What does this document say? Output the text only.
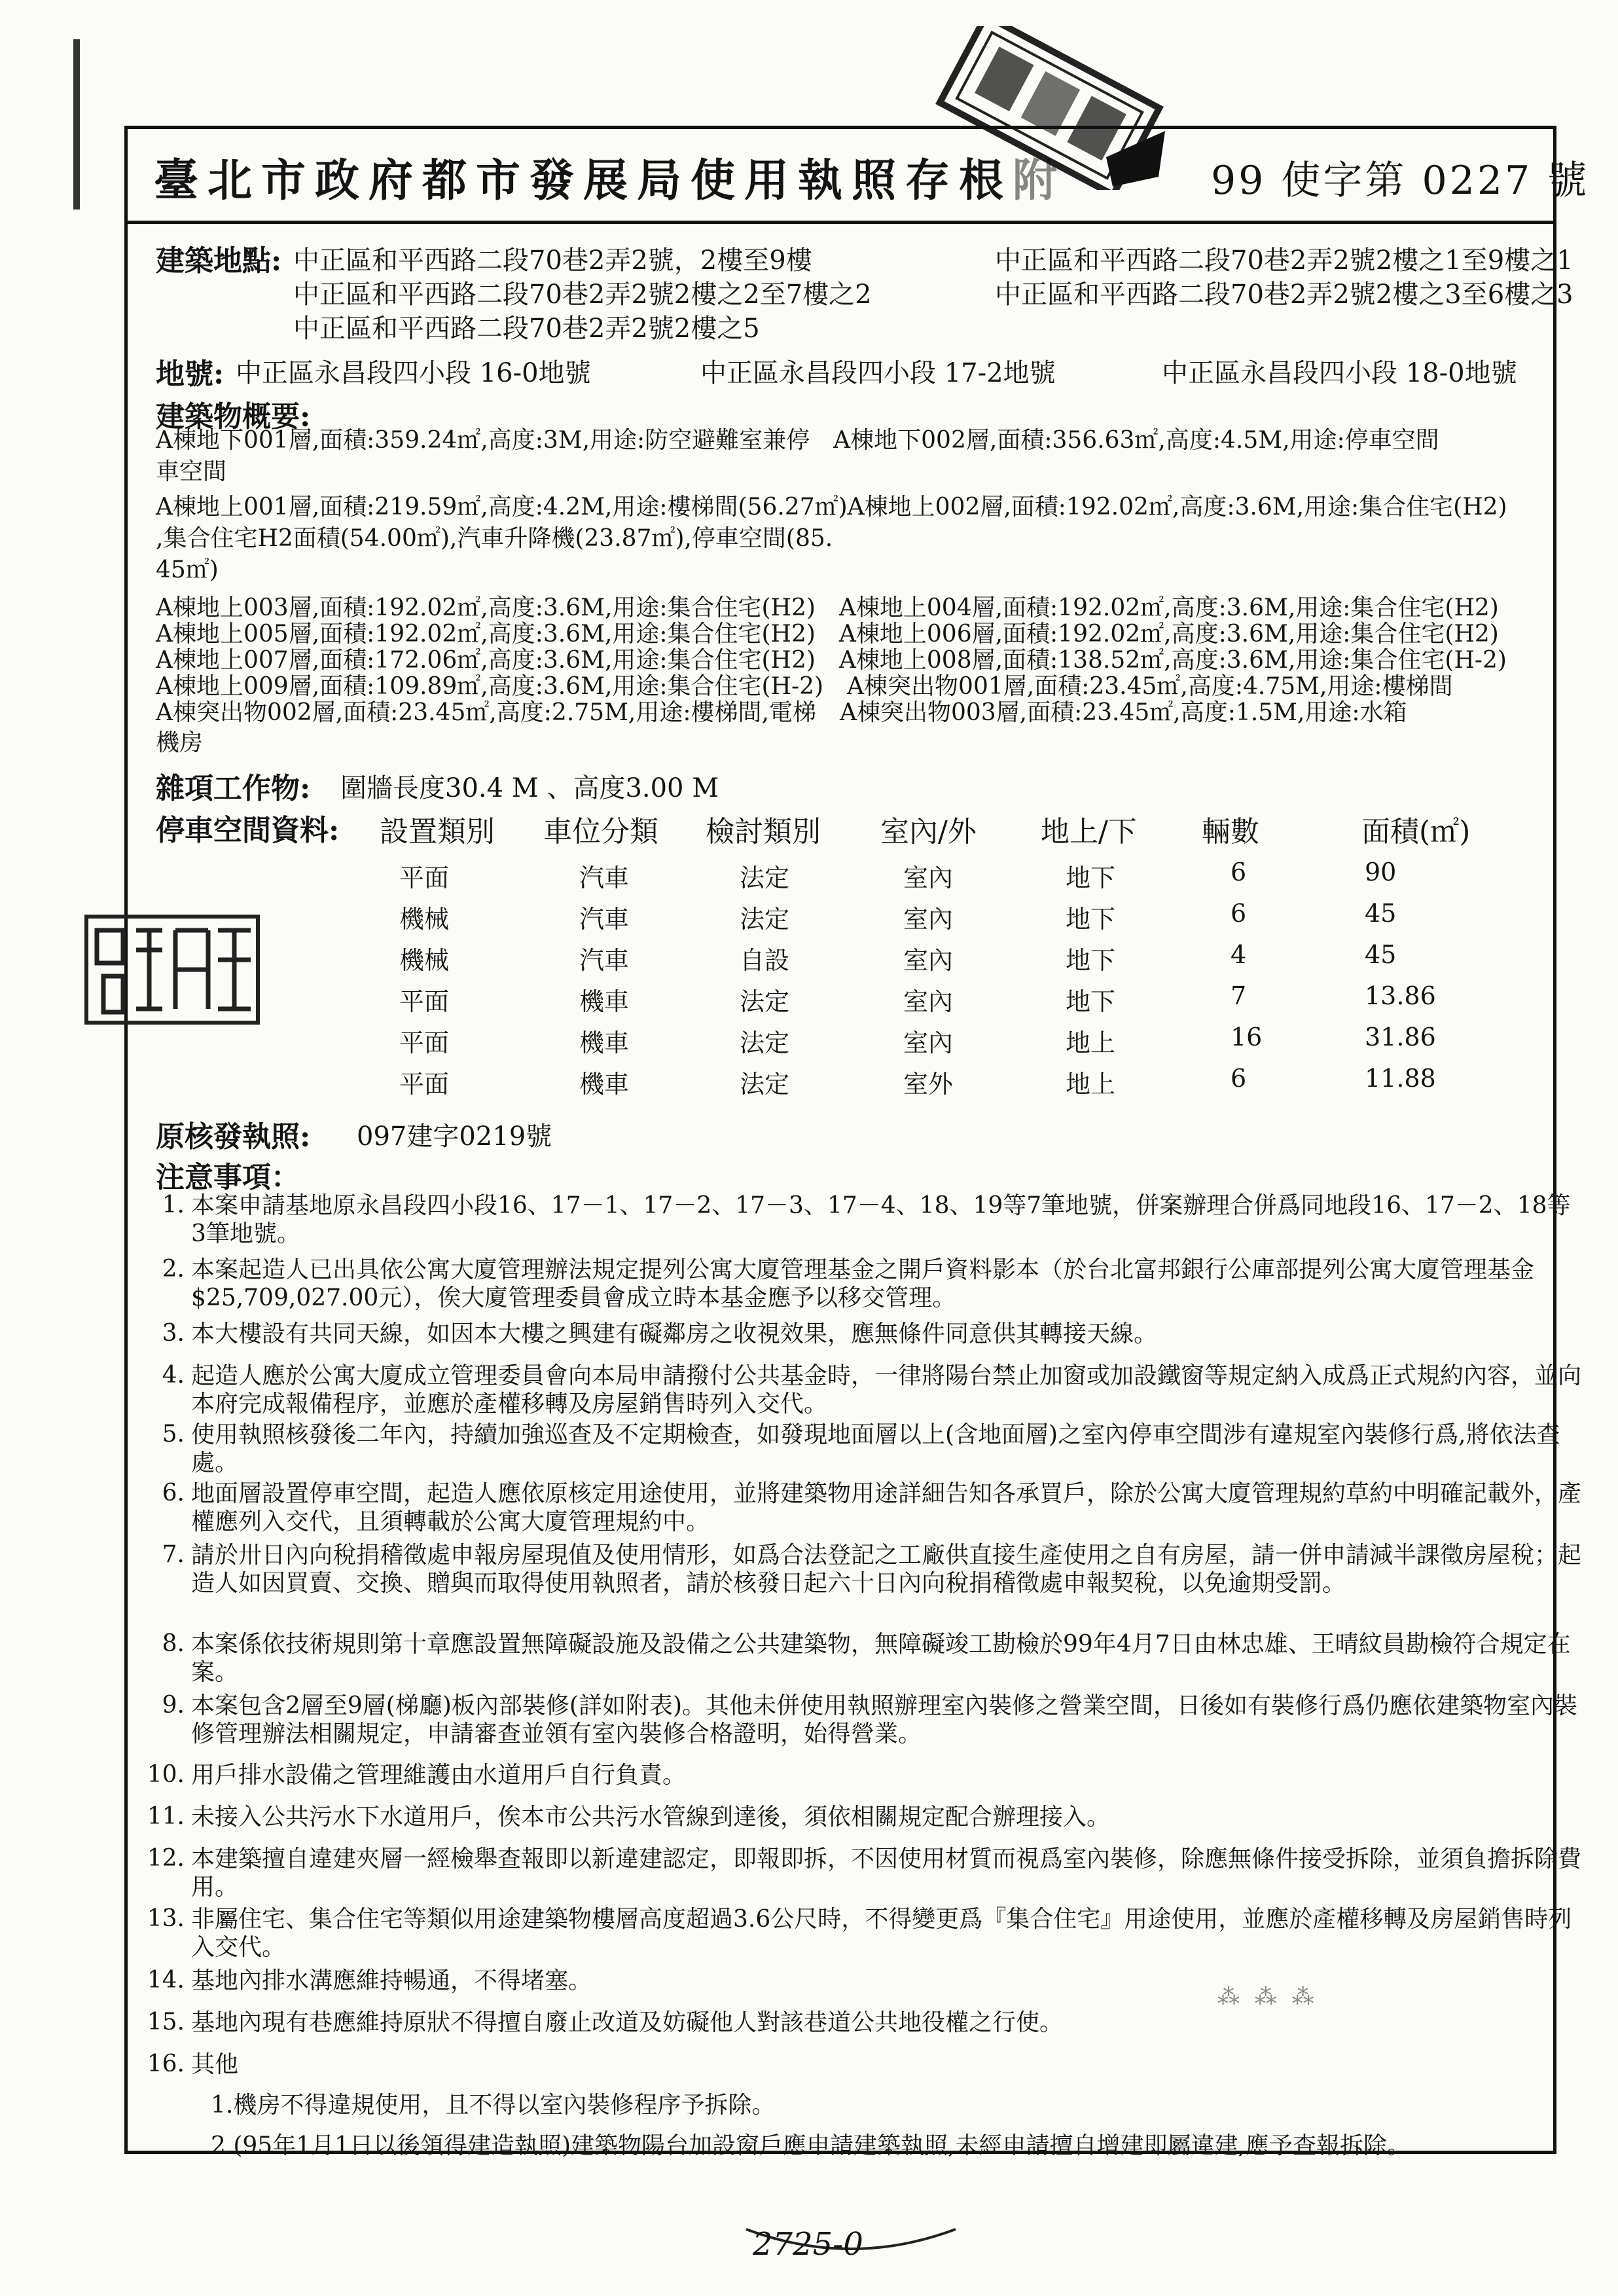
臺北市政府都市發展局使用執照存根附	99 使字第 0227 號
建築地點: 中正區和平西路二段70巷2弄2號，2樓至9樓	中正區和平西路二段70巷2弄2號2樓之1至9樓之1
中正區和平西路二段70巷2弄2號2樓之2至7樓之2	中正區和平西路二段70巷2弄2號2樓之3至6樓之3
中正區和平西路二段70巷2弄2號2樓之5
地號: 中正區永昌段四小段 16-0地號	中正區永昌段四小段 17-2地號	中正區永昌段四小段 18-0地號
建築物概要:
A棟地下001層,面積:359.24㎡,高度:3M,用途:防空避難室兼停　A棟地下002層,面積:356.63㎡,高度:4.5M,用途:停車空間
車空間
A棟地上001層,面積:219.59㎡,高度:4.2M,用途:樓梯間(56.27㎡)A棟地上002層,面積:192.02㎡,高度:3.6M,用途:集合住宅(H2)
,集合住宅H2面積(54.00㎡),汽車升降機(23.87㎡),停車空間(85.
45㎡)
A棟地上003層,面積:192.02㎡,高度:3.6M,用途:集合住宅(H2)　A棟地上004層,面積:192.02㎡,高度:3.6M,用途:集合住宅(H2)
A棟地上005層,面積:192.02㎡,高度:3.6M,用途:集合住宅(H2)　A棟地上006層,面積:192.02㎡,高度:3.6M,用途:集合住宅(H2)
A棟地上007層,面積:172.06㎡,高度:3.6M,用途:集合住宅(H2)　A棟地上008層,面積:138.52㎡,高度:3.6M,用途:集合住宅(H-2)
A棟地上009層,面積:109.89㎡,高度:3.6M,用途:集合住宅(H-2)　A棟突出物001層,面積:23.45㎡,高度:4.75M,用途:樓梯間
A棟突出物002層,面積:23.45㎡,高度:2.75M,用途:樓梯間,電梯　A棟突出物003層,面積:23.45㎡,高度:1.5M,用途:水箱
機房
雜項工作物: 圍牆長度30.4 M 、高度3.00 M
停車空間資料: 設置類別 車位分類 檢討類別 室內/外 地上/下 輛數	面積(㎡)
平面	汽車	法定	室內	地下	6	90
機械	汽車	法定	室內	地下	6	45
機械	汽車	自設	室內	地下	4	45
平面	機車	法定	室內	地下	7	13.86
平面	機車	法定	室內	地上	16	31.86
平面	機車	法定	室外	地上	6	11.88
原核發執照: 097建字0219號
注意事項：
1. 本案申請基地原永昌段四小段16、17－1、17－2、17－3、17－4、18、19等7筆地號，併案辦理合併爲同地段16、17－2、18等3筆地號。
2. 本案起造人已出具依公寓大廈管理辦法規定提列公寓大廈管理基金之開戶資料影本（於台北富邦銀行公庫部提列公寓大廈管理基金$25,709,027.00元），俟大廈管理委員會成立時本基金應予以移交管理。
3. 本大樓設有共同天線，如因本大樓之興建有礙鄰房之收視效果，應無條件同意供其轉接天線。
4. 起造人應於公寓大廈成立管理委員會向本局申請撥付公共基金時，一律將陽台禁止加窗或加設鐵窗等規定納入成爲正式規約內容，並向本府完成報備程序，並應於產權移轉及房屋銷售時列入交代。
5. 使用執照核發後二年內，持續加強巡查及不定期檢查，如發現地面層以上(含地面層)之室內停車空間涉有違規室內裝修行爲,將依法查處。
6. 地面層設置停車空間，起造人應依原核定用途使用，並將建築物用途詳細告知各承買戶，除於公寓大廈管理規約草約中明確記載外，產權應列入交代，且須轉載於公寓大廈管理規約中。
7. 請於卅日內向稅捐稽徵處申報房屋現值及使用情形，如爲合法登記之工廠供直接生產使用之自有房屋，請一併申請減半課徵房屋稅；起造人如因買賣、交換、贈與而取得使用執照者，請於核發日起六十日內向稅捐稽徵處申報契稅，以免逾期受罰。
8. 本案係依技術規則第十章應設置無障礙設施及設備之公共建築物，無障礙竣工勘檢於99年4月7日由林忠雄、王晴紋員勘檢符合規定在案。
9. 本案包含2層至9層(梯廳)板內部裝修(詳如附表)。其他未併使用執照辦理室內裝修之營業空間，日後如有裝修行爲仍應依建築物室內裝修管理辦法相關規定，申請審查並領有室內裝修合格證明，始得營業。
10. 用戶排水設備之管理維護由水道用戶自行負責。
11. 未接入公共污水下水道用戶，俟本市公共污水管線到達後，須依相關規定配合辦理接入。
12. 本建築擅自違建夾層一經檢舉查報即以新違建認定，即報即拆，不因使用材質而視爲室內裝修，除應無條件接受拆除，並須負擔拆除費用。
13. 非屬住宅、集合住宅等類似用途建築物樓層高度超過3.6公尺時，不得變更爲『集合住宅』用途使用，並應於產權移轉及房屋銷售時列入交代。
14. 基地內排水溝應維持暢通，不得堵塞。
15. 基地內現有巷應維持原狀不得擅自廢止改道及妨礙他人對該巷道公共地役權之行使。
16. 其他
1.機房不得違規使用，且不得以室內裝修程序予拆除。
2.(95年1月1日以後領得建造執照)建築物陽台加設窗戶應申請建築執照,未經申請擅自增建即屬違建,應予查報拆除。
⁂ ⁂ ⁂
2725-0
